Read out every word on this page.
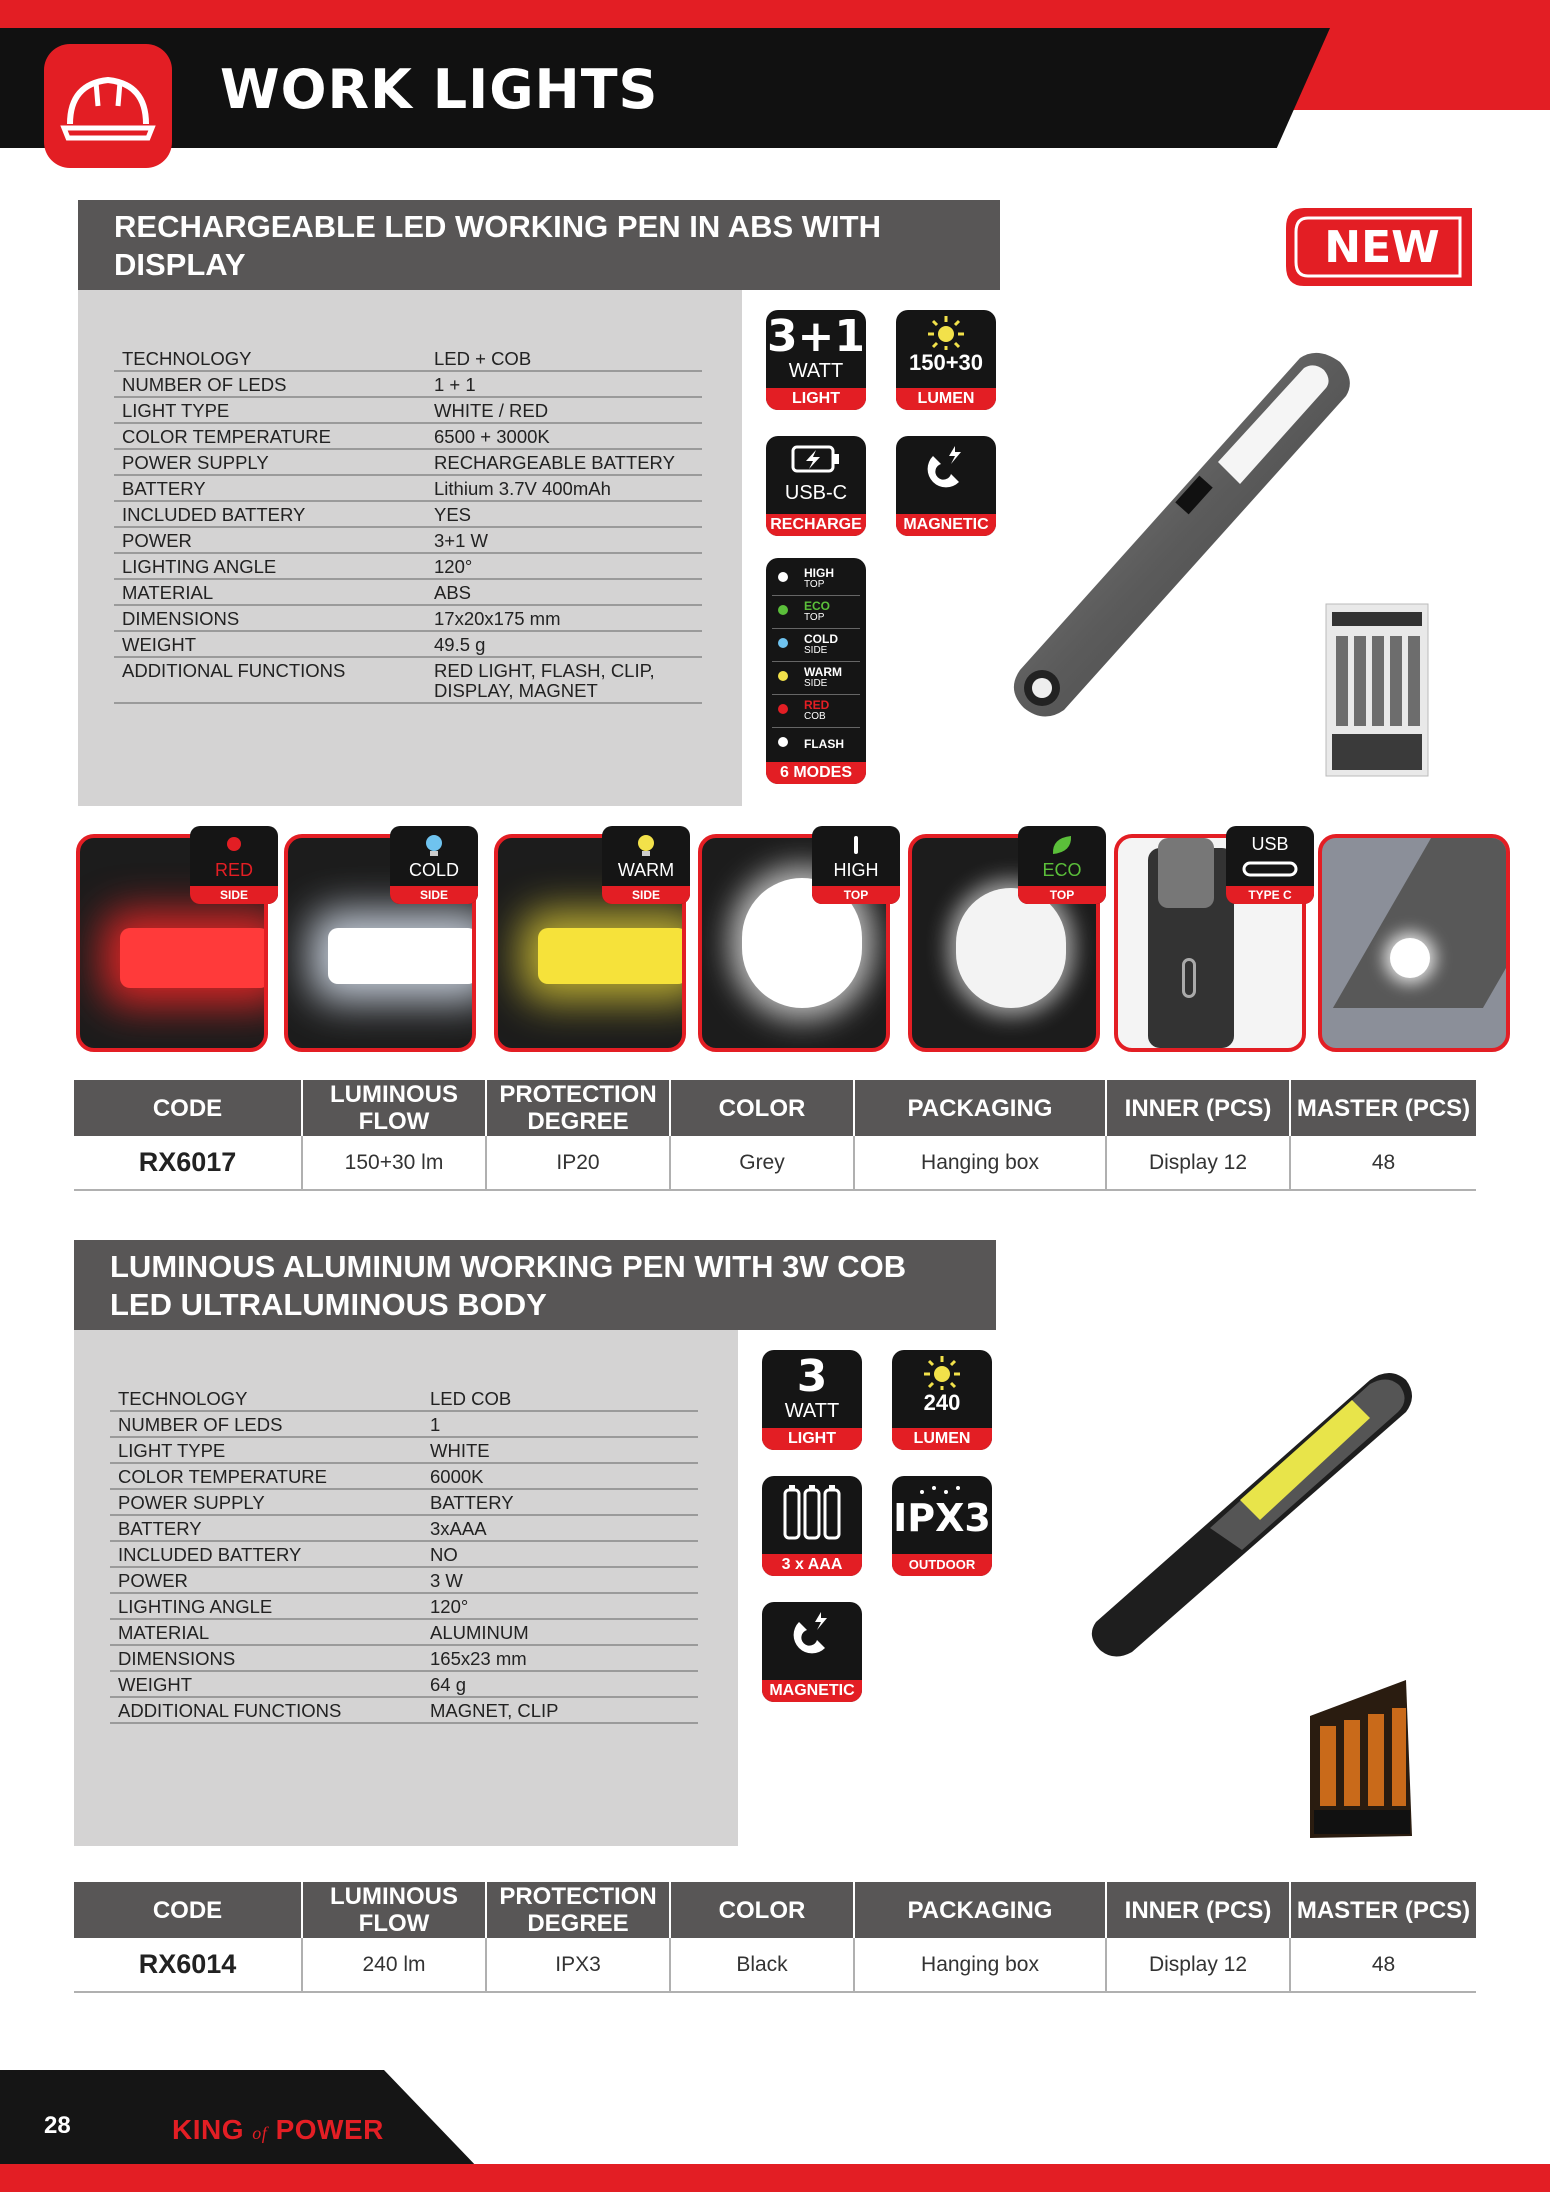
WORK LIGHTS
RECHARGEABLE LED WORKING PEN IN ABS WITH
DISPLAY	NEW
TECHNOLOGY	LED + COB
NUMBER OF LEDS	1 + 1
LIGHT TYPE	WHITE / RED
COLOR TEMPERATURE	6500 + 3000K
POWER SUPPLY	RECHARGEABLE BATTERY
BATTERY	Lithium 3.7V 400mAh
INCLUDED BATTERY	YES
POWER	3+1 W
LIGHTING ANGLE	120°
MATERIAL	ABS
DIMENSIONS	17x20x175 mm
WEIGHT	49.5 g
ADDITIONAL FUNCTIONS	RED LIGHT, FLASH, CLIP, DISPLAY, MAGNET
3+1
WATT
LIGHT
150+30
LUMEN
USB-C
RECHARGE	MAGNETIC
HIGH
TOP
ECO
TOP
COLD
SIDE
WARM
SIDE
RED
COB
FLASH
6 MODES
RED
SIDE
COLD
SIDE
WARM
SIDE
HIGH
TOP
ECO
TOP
USB
TYPE C
CODE	LUMINOUS FLOW	PROTECTION DEGREE	COLOR	PACKAGING	INNER (PCS)	MASTER (PCS)
RX6017	150+30 lm	IP20	Grey	Hanging box	Display 12	48
LUMINOUS ALUMINUM WORKING PEN WITH 3W COB
LED ULTRALUMINOUS BODY
TECHNOLOGY	LED COB
NUMBER OF LEDS	1
LIGHT TYPE	WHITE
COLOR TEMPERATURE	6000K
POWER SUPPLY	BATTERY
BATTERY	3xAAA
INCLUDED BATTERY	NO
POWER	3 W
LIGHTING ANGLE	120°
MATERIAL	ALUMINUM
DIMENSIONS	165x23 mm
WEIGHT	64 g
ADDITIONAL FUNCTIONS	MAGNET, CLIP
3
WATT
LIGHT
240
LUMEN
3 x AAA
IPX3
OUTDOOR
MAGNETIC
CODE	LUMINOUS FLOW	PROTECTION DEGREE	COLOR	PACKAGING	INNER (PCS)	MASTER (PCS)
RX6014	240 lm	IPX3	Black	Hanging box	Display 12	48
28	KING of POWER
